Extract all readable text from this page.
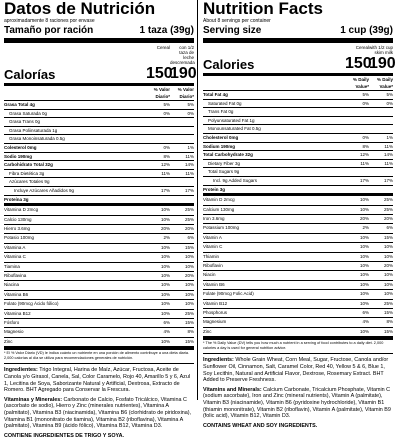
Datos de Nutrición
aproximadamente 8 raciones por envase
Tamaño por ración	1 taza (39g)
Cereal	con 1/2 taza de leche descremada
Calorías	150
190
% Valor Diario*
% Valor Diario*
Grasa Total 4g	5%	5%
Grasa Saturada 0g	0%	0%
Grasa Trans 0g
Grasa Poliinsaturada 1g
Grasa Monoinsaturada 0.5g
Colesterol 0mg	0%	1%
Sodio 190mg	8%	11%
Carbohidrato Total 32g	12%	14%
Fibra Dietética 3g	11%	11%
Azúcares Totales 9g
Incluye Azúcares Añadidos 9g	17%	17%
Proteína 3g
Vitamina D 2mcg	10%	25%
Calcio 130mg	10%	25%
Hierro 3.6mg	20%	20%
Potasio 100mg	2%	6%
Vitamina A	10%	15%
Vitamina C	10%	10%
Tiamina	10%	10%
Riboflavina	10%	20%
Niacina	10%	10%
Vitamina B6	10%	10%
Folato (90mcg Ácido fólico)	10%	10%
Vitamina B12	10%	25%
Fósforo	6%	15%
Magnesio	4%	8%
Zinc	10%	15%
* El % Valor Diario (VD) le indica cuánto un nutriente en una porción de alimento contribuye a una dieta diaria. 2,000 calorías al día se utiliza para recomendaciones generales de nutrición.
Ingredientes: Trigo Integral, Harina de Maíz, Azúcar, Fructosa, Aceite de Canola y/o Girasol, Canela, Sal, Color Caramelo, Rojo 40, Amarillo 5 y 6, Azul 1, Lecitina de Soya, Saborizante Natural y Artificial, Dextrosa, Extracto de Romero. BHT Agregado para Conservar la Frescura.
Vitaminas y Minerales: Carbonato de Calcio, Fosfato Tricálcico, Vitamina C (ascorbato de sodio), Hierro y Zinc (minerales nutrientes), Vitamina A (palmitato), Vitamina B3 (niacinamida), Vitamina B6 (clorhidrato de piridoxina), Vitamina B1 (mononitrato de tiamina), Vitamina B2 (riboflavina), Vitamina A (palmitato), Vitamina B9 (ácido fólico), Vitamina B12, Vitamina D3.
CONTIENE INGREDIENTES DE TRIGO Y SOYA.
Nutrition Facts
About 8 servings per container
Serving size	1 cup (39g)
Cereal with 1/2 cup skim milk
Calories	150
190
% Daily Value*
% Daily Value*
Total Fat 4g	5%	5%
Saturated Fat 0g	0%	0%
Trans Fat 0g
Polyunsaturated Fat 1g
Monounsaturated Fat 0.5g
Cholesterol 0mg	0%	1%
Sodium 190mg	8%	11%
Total Carbohydrate 32g	12%	14%
Dietary Fiber 3g	11%	11%
Total Sugars 9g
Incl. 9g Added Sugars	17%	17%
Protein 3g
Vitamin D 2mcg	10%	25%
Calcium 130mg	10%	25%
Iron 3.6mg	20%	20%
Potassium 100mg	2%	6%
Vitamin A	10%	15%
Vitamin C	10%	10%
Thiamin	10%	10%
Riboflavin	10%	20%
Niacin	10%	10%
Vitamin B6	10%	10%
Folate (90mcg Folic Acid)	10%	10%
Vitamin B12	10%	25%
Phosphorus	6%	15%
Magnesium	4%	8%
Zinc	10%	15%
* The % Daily Value (DV) tells you how much a nutrient in a serving of food contributes to a daily diet. 2,000 calories a day is used for general nutrition advice.
Ingredients: Whole Grain Wheat, Corn Meal, Sugar, Fructose, Canola and/or Sunflower Oil, Cinnamon, Salt, Caramel Color, Red 40, Yellow 5 & 6, Blue 1, Soy Lecithin, Natural and Artificial Flavor, Dextrose, Rosemary Extract. BHT Added to Preserve Freshness.
Vitamins and Minerals: Calcium Carbonate, Tricalcium Phosphate, Vitamin C (sodium ascorbate), Iron and Zinc (mineral nutrients), Vitamin A (palmitate), Vitamin B3 (niacinamide), Vitamin B6 (pyridoxine hydrochloride), Vitamin B1 (thiamin mononitrate), Vitamin B2 (riboflavin), Vitamin A (palmitate), Vitamin B9 (folic acid), Vitamin B12, Vitamin D3.
CONTAINS WHEAT AND SOY INGREDIENTS.
